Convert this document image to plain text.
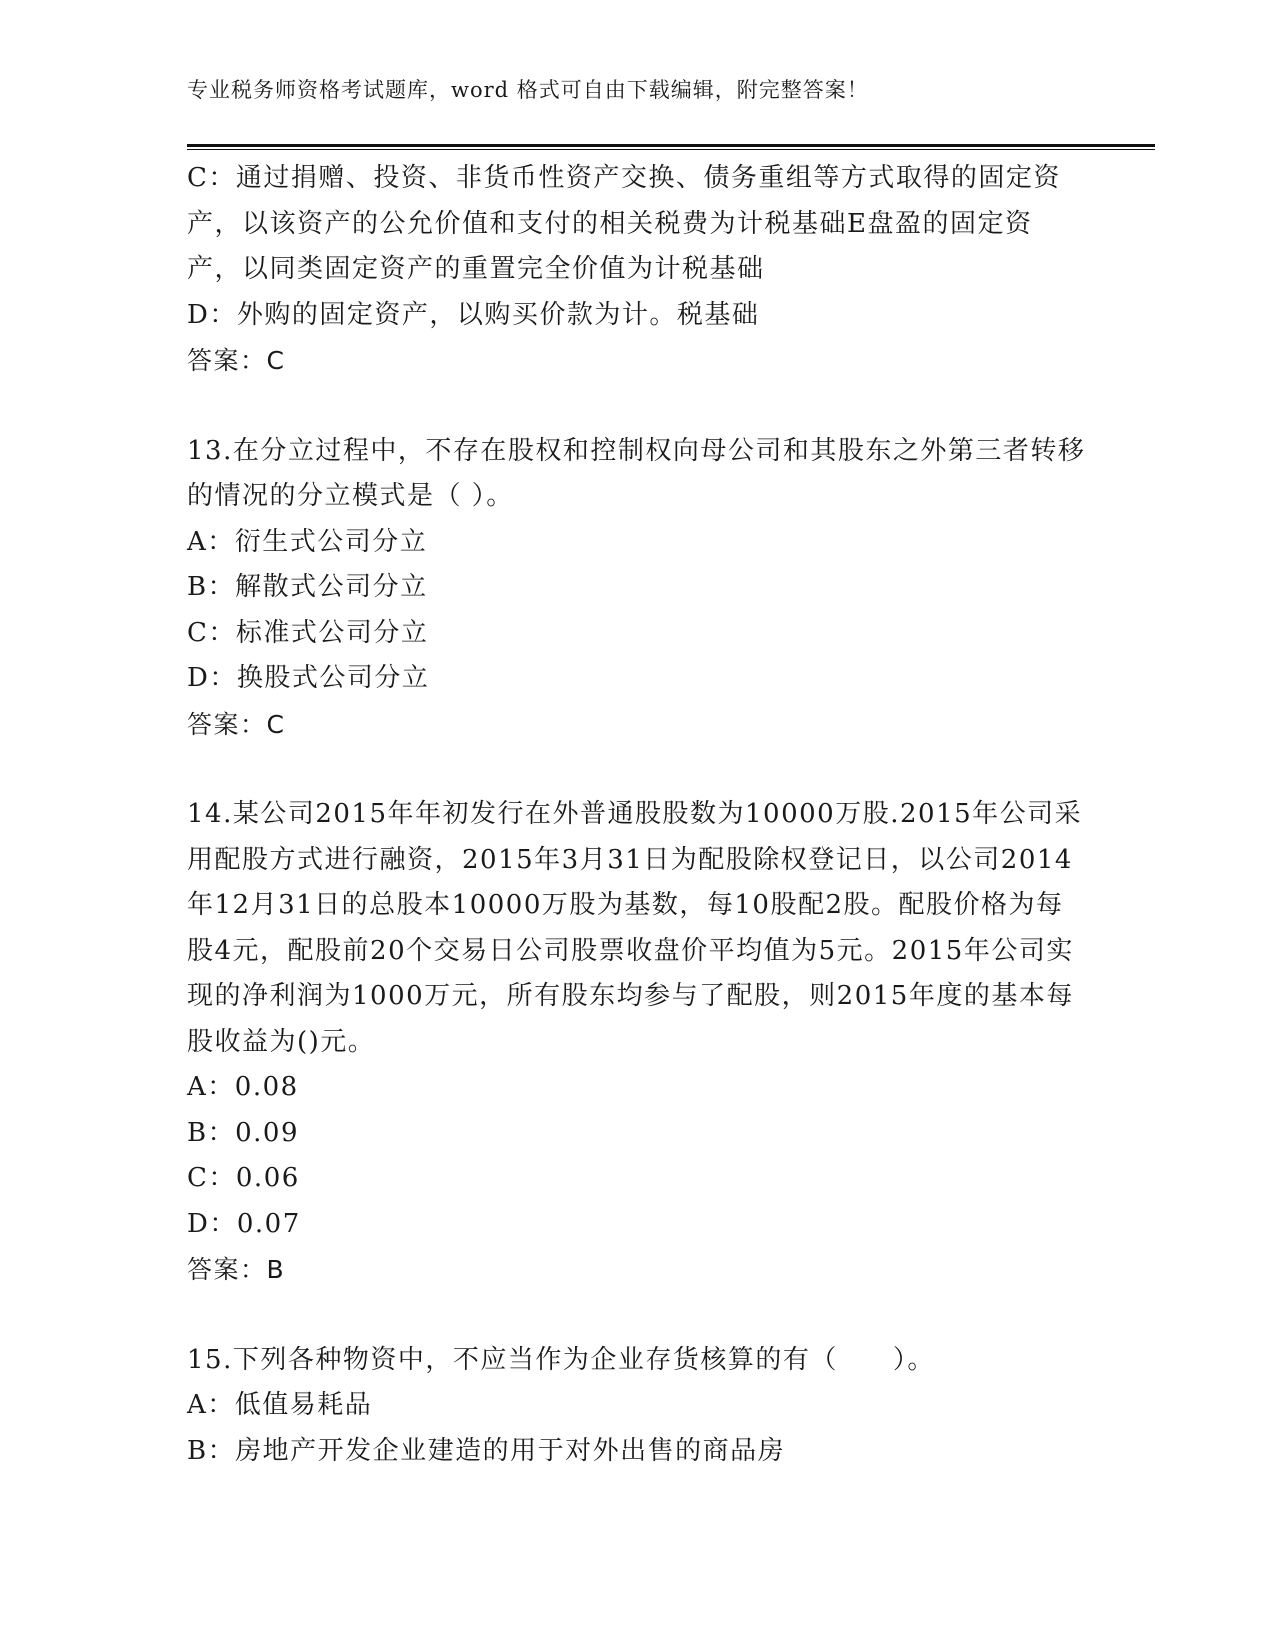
专业税务师资格考试题库，word 格式可自由下载编辑，附完整答案！

C：通过捐赠、投资、非货币性资产交换、债务重组等方式取得的固定资产，以该资产的公允价值和支付的相关税费为计税基础E盘盈的固定资产，以同类固定资产的重置完全价值为计税基础

D：外购的固定资产，以购买价款为计。税基础

答案：C

13.在分立过程中，不存在股权和控制权向母公司和其股东之外第三者转移的情况的分立模式是（ ）。

A：衍生式公司分立

B：解散式公司分立

C：标准式公司分立

D：换股式公司分立

答案：C

14.某公司2015年年初发行在外普通股股数为10000万股.2015年公司采用配股方式进行融资，2015年3月31日为配股除权登记日，以公司2014年12月31日的总股本10000万股为基数，每10股配2股。配股价格为每股4元，配股前20个交易日公司股票收盘价平均值为5元。2015年公司实现的净利润为1000万元，所有股东均参与了配股，则2015年度的基本每股收益为()元。

A：0.08

B：0.09

C：0.06

D：0.07

答案：B

15.下列各种物资中，不应当作为企业存货核算的有（　　）。

A：低值易耗品

B：房地产开发企业建造的用于对外出售的商品房
